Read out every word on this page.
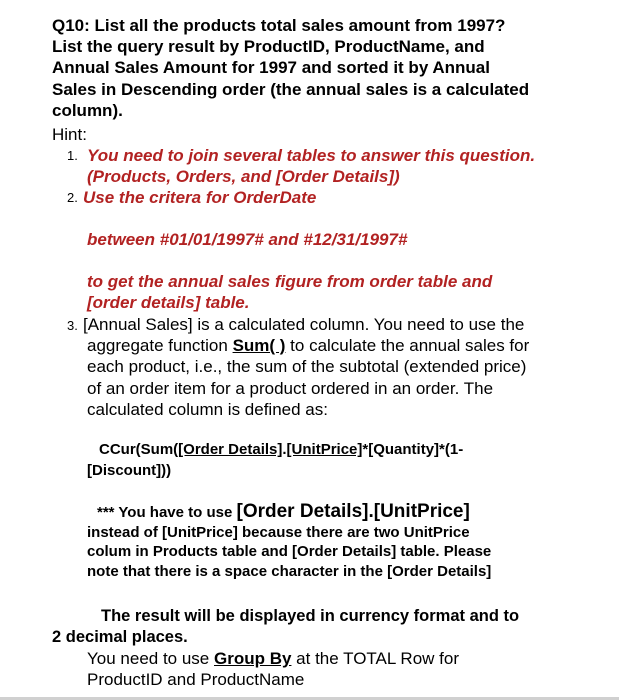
Q10: List all the products total sales amount from 1997?
List the query result by ProductID, ProductName, and
Annual Sales Amount for 1997 and sorted it by Annual
Sales in Descending order (the annual sales is a calculated
column).
Hint:
1. You need to join several tables to answer this question.
(Products, Orders, and [Order Details])
2. Use the critera for OrderDate
between #01/01/1997# and #12/31/1997#
to get the annual sales figure from order table and
[order details] table.
3. [Annual Sales] is a calculated column. You need to use the
aggregate function Sum( ) to calculate the annual sales for
each product, i.e., the sum of the subtotal (extended price)
of an order item for a product ordered in an order. The
calculated column is defined as:
CCur(Sum([Order Details].[UnitPrice]*[Quantity]*(1-
[Discount]))
*** You have to use [Order Details].[UnitPrice]
instead of [UnitPrice] because there are two UnitPrice
colum in Products table and [Order Details] table. Please
note that there is a space character in the [Order Details]
The result will be displayed in currency format and to
2 decimal places.
You need to use Group By at the TOTAL Row for
ProductID and ProductName
